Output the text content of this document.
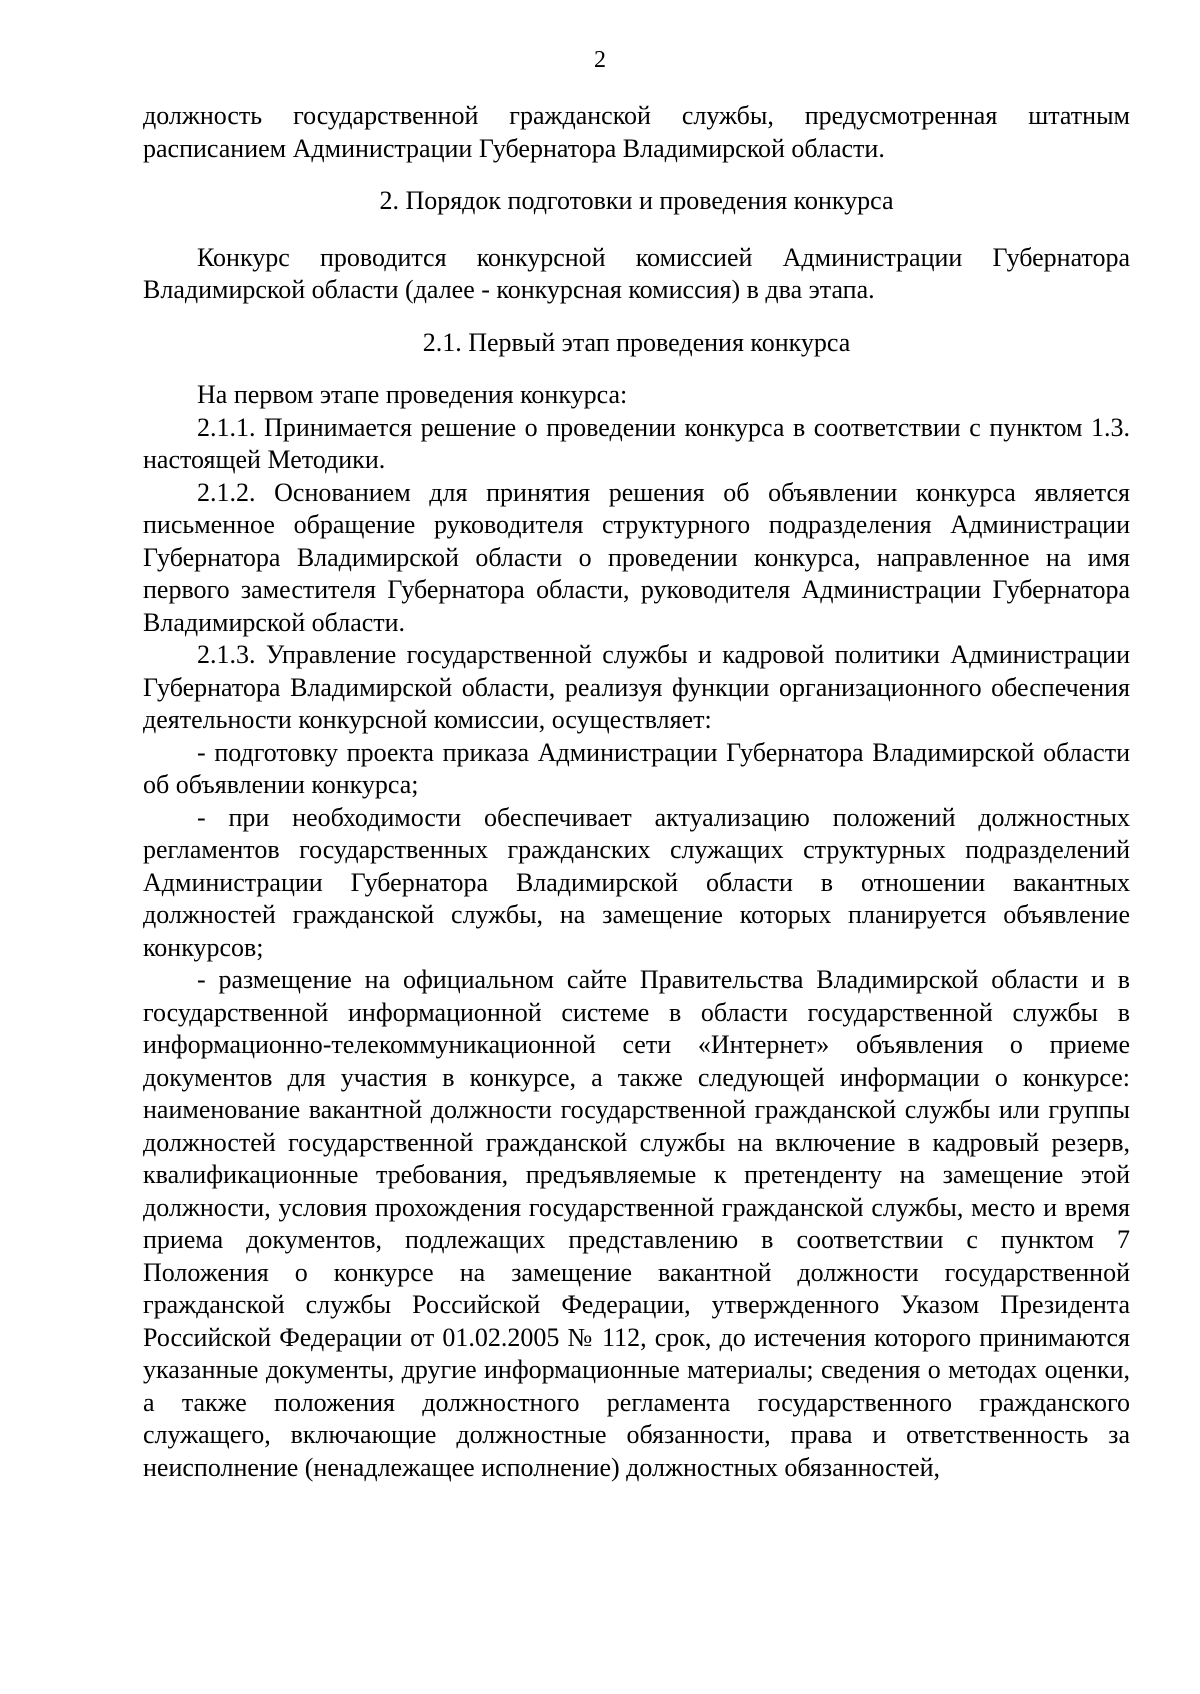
2

должность государственной гражданской службы, предусмотренная штатным расписанием Администрации Губернатора Владимирской области.

2. Порядок подготовки и проведения конкурса

Конкурс проводится конкурсной комиссией Администрации Губернатора Владимирской области (далее - конкурсная комиссия) в два этапа.

2.1. Первый этап проведения конкурса

На первом этапе проведения конкурса:

2.1.1. Принимается решение о проведении конкурса в соответствии с пунктом 1.3. настоящей Методики.

2.1.2. Основанием для принятия решения об объявлении конкурса является письменное обращение руководителя структурного подразделения Администрации Губернатора Владимирской области о проведении конкурса, направленное на имя первого заместителя Губернатора области, руководителя Администрации Губернатора Владимирской области.

2.1.3. Управление государственной службы и кадровой политики Администрации Губернатора Владимирской области, реализуя функции организационного обеспечения деятельности конкурсной комиссии, осуществляет:

- подготовку проекта приказа Администрации Губернатора Владимирской области об объявлении конкурса;

- при необходимости обеспечивает актуализацию положений должностных регламентов государственных гражданских служащих структурных подразделений Администрации Губернатора Владимирской области в отношении вакантных должностей гражданской службы, на замещение которых планируется объявление конкурсов;

- размещение на официальном сайте Правительства Владимирской области и в государственной информационной системе в области государственной службы в информационно-телекоммуникационной сети «Интернет» объявления о приеме документов для участия в конкурсе, а также следующей информации о конкурсе: наименование вакантной должности государственной гражданской службы или группы должностей государственной гражданской службы на включение в кадровый резерв, квалификационные требования, предъявляемые к претенденту на замещение этой должности, условия прохождения государственной гражданской службы, место и время приема документов, подлежащих представлению в соответствии с пунктом 7 Положения о конкурсе на замещение вакантной должности государственной гражданской службы Российской Федерации, утвержденного Указом Президента Российской Федерации от 01.02.2005 № 112, срок, до истечения которого принимаются указанные документы, другие информационные материалы; сведения о методах оценки, а также положения должностного регламента государственного гражданского служащего, включающие должностные обязанности, права и ответственность за неисполнение (ненадлежащее исполнение) должностных обязанностей,
